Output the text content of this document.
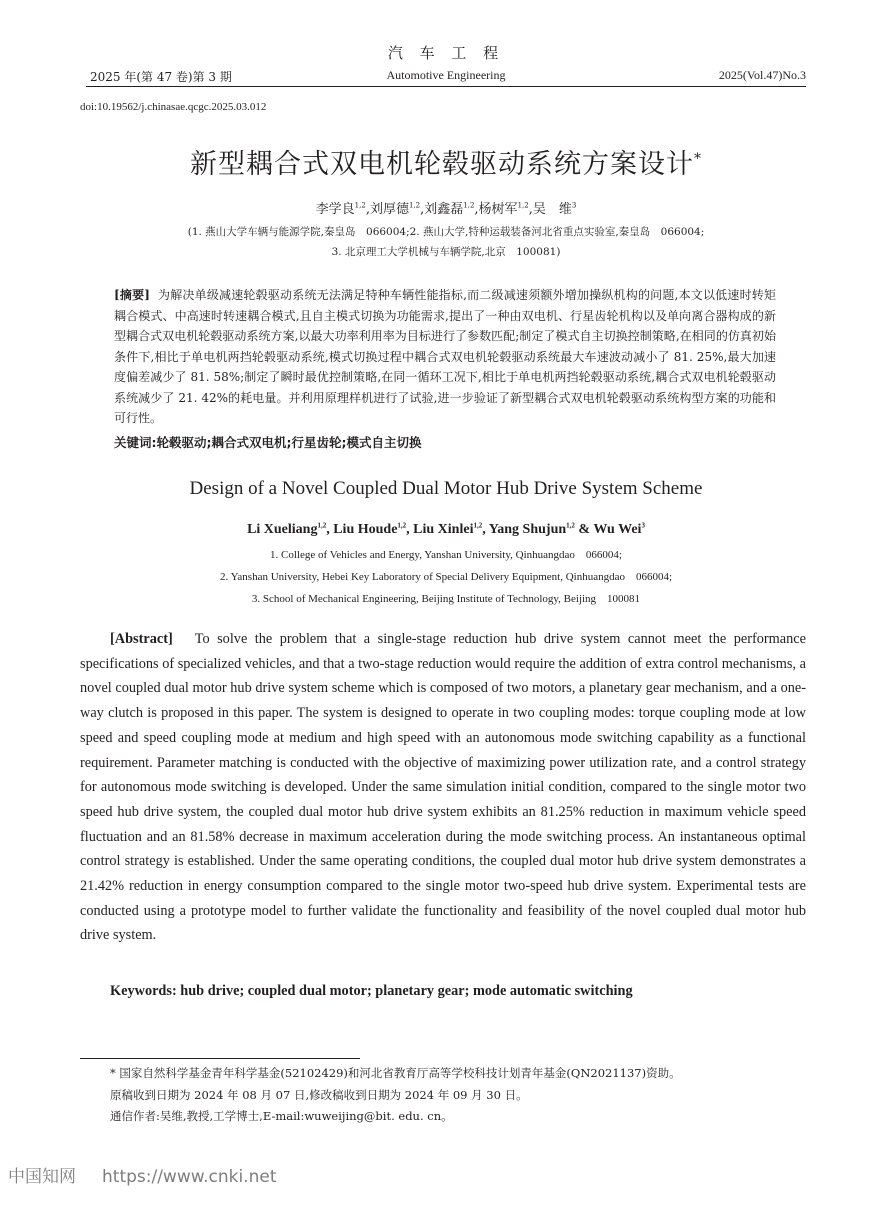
汽 车 工 程
2025 年(第 47 卷)第 3 期	Automotive Engineering	2025(Vol.47)No.3
doi:10.19562/j.chinasae.qcgc.2025.03.012
新型耦合式双电机轮毂驱动系统方案设计*
李学良$^{1,2}$,刘厚德$^{1,2}$,刘鑫磊$^{1,2}$,杨树军$^{1,2}$,吴　维$^3$
(1. 燕山大学车辆与能源学院,秦皇岛　066004;2. 燕山大学,特种运载装备河北省重点实验室,秦皇岛　066004;
3. 北京理工大学机械与车辆学院,北京　100081)
[摘要] 为解决单级减速轮毂驱动系统无法满足特种车辆性能指标,而二级减速须额外增加操纵机构的问题,本文以低速时转矩耦合模式、中高速时转速耦合模式,且自主模式切换为功能需求,提出了一种由双电机、行星齿轮机构以及单向离合器构成的新型耦合式双电机轮毂驱动系统方案,以最大功率利用率为目标进行了参数匹配;制定了模式自主切换控制策略,在相同的仿真初始条件下,相比于单电机两挡轮毂驱动系统,模式切换过程中耦合式双电机轮毂驱动系统最大车速波动减小了 81. 25%,最大加速度偏差减少了 81. 58%;制定了瞬时最优控制策略,在同一循环工况下,相比于单电机两挡轮毂驱动系统,耦合式双电机轮毂驱动系统减少了 21. 42%的耗电量。并利用原理样机进行了试验,进一步验证了新型耦合式双电机轮毂驱动系统构型方案的功能和可行性。
关键词:轮毂驱动;耦合式双电机;行星齿轮;模式自主切换
Design of a Novel Coupled Dual Motor Hub Drive System Scheme
Li Xueliang$^{1,2}$, Liu Houde$^{1,2}$, Liu Xinlei$^{1,2}$, Yang Shujun$^{1,2}$ & Wu Wei$^3$
1. College of Vehicles and Energy, Yanshan University, Qinhuangdao　066004;
2. Yanshan University, Hebei Key Laboratory of Special Delivery Equipment, Qinhuangdao　066004;
3. School of Mechanical Engineering, Beijing Institute of Technology, Beijing　100081
[Abstract] To solve the problem that a single-stage reduction hub drive system cannot meet the performance specifications of specialized vehicles, and that a two-stage reduction would require the addition of extra control mechanisms, a novel coupled dual motor hub drive system scheme which is composed of two motors, a planetary gear mechanism, and a one-way clutch is proposed in this paper. The system is designed to operate in two coupling modes: torque coupling mode at low speed and speed coupling mode at medium and high speed with an autonomous mode switching capability as a functional requirement. Parameter matching is conducted with the objective of maximizing power utilization rate, and a control strategy for autonomous mode switching is developed. Under the same simulation initial condition, compared to the single motor two speed hub drive system, the coupled dual motor hub drive system exhibits an 81.25% reduction in maximum vehicle speed fluctuation and an 81.58% decrease in maximum acceleration during the mode switching process. An instantaneous optimal control strategy is established. Under the same operating conditions, the coupled dual motor hub drive system demonstrates a 21.42% reduction in energy consumption compared to the single motor two-speed hub drive system. Experimental tests are conducted using a prototype model to further validate the functionality and feasibility of the novel coupled dual motor hub drive system.
Keywords: hub drive; coupled dual motor; planetary gear; mode automatic switching
* 国家自然科学基金青年科学基金(52102429)和河北省教育厅高等学校科技计划青年基金(QN2021137)资助。
原稿收到日期为 2024 年 08 月 07 日,修改稿收到日期为 2024 年 09 月 30 日。
通信作者:吴维,教授,工学博士,E-mail:wuweijing@bit. edu. cn。
中国知网 https://www.cnki.net
